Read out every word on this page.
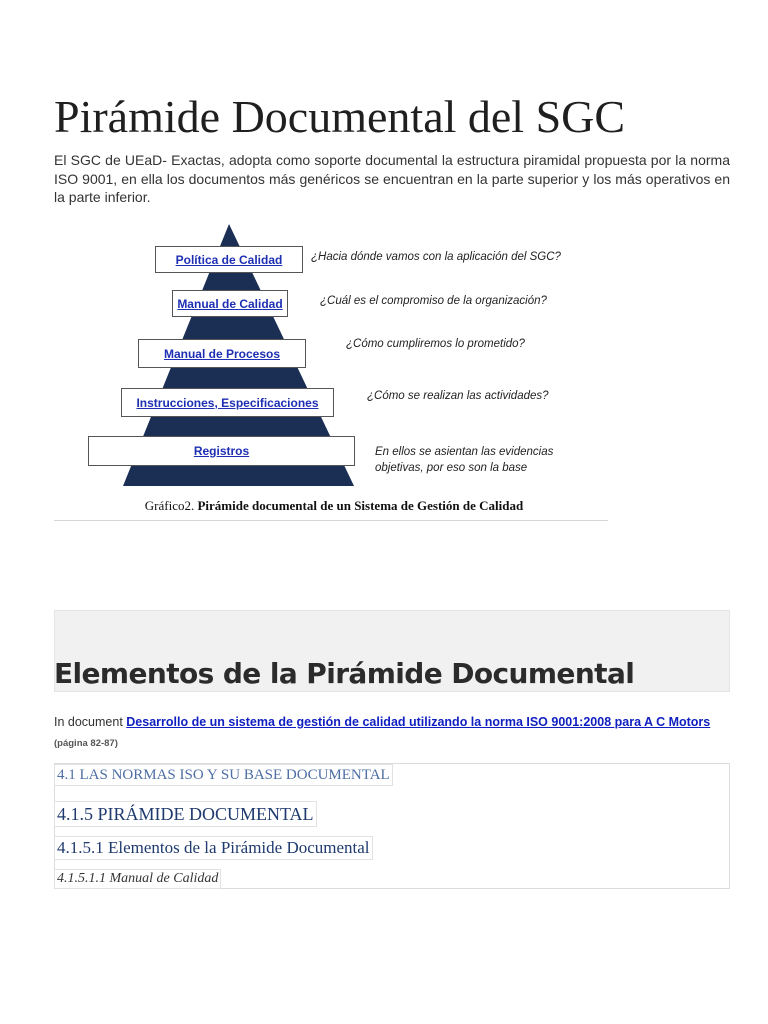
Pirámide Documental del SGC

El SGC de UEaD- Exactas, adopta como soporte documental la estructura piramidal propuesta por la norma ISO 9001, en ella los documentos más genéricos se encuentran en la parte superior y los más operativos en la parte inferior.

Política de Calidad
Manual de Calidad
Manual de Procesos
Instrucciones, Especificaciones
Registros
¿Hacia dónde vamos con la aplicación del SGC?
¿Cuál es el compromiso de la organización?
¿Cómo cumpliremos lo prometido?
¿Cómo se realizan las actividades?
En ellos se asientan las evidencias objetivas, por eso son la base
Gráfico2. Pirámide documental de un Sistema de Gestión de Calidad
Elementos de la Pirámide Documental
In document Desarrollo de un sistema de gestión de calidad utilizando la norma ISO 9001:2008 para A C Motors (página 82-87)
4.1 LAS NORMAS ISO Y SU BASE DOCUMENTAL
4.1.5 PIRÁMIDE DOCUMENTAL
4.1.5.1 Elementos de la Pirámide Documental
4.1.5.1.1 Manual de Calidad
